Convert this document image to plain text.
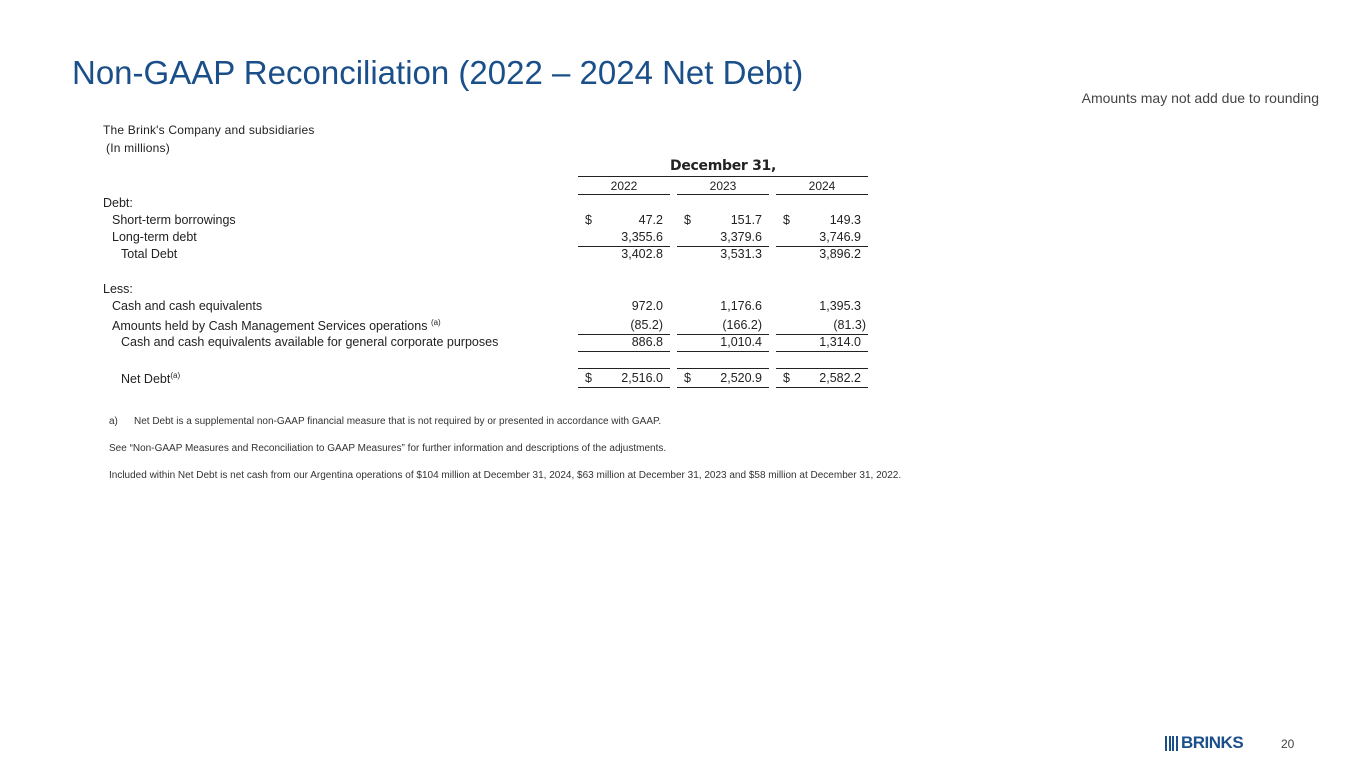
Non-GAAP Reconciliation (2022 – 2024 Net Debt)
Amounts may not add due to rounding
The Brink's Company and subsidiaries
(In millions)
December 31,
2022	2023	2024
Debt:
Short-term borrowings	$	47.2 $	151.7 $	149.3
Long-term debt	3,355.6	3,379.6	3,746.9
Total Debt	3,402.8	3,531.3	3,896.2
Less:
Cash and cash equivalents	972.0	1,176.6	1,395.3
Amounts held by Cash Management Services operations $^{(a)}$	(85.2)	(166.2)	(81.3)
Cash and cash equivalents available for general corporate purposes	886.8	1,010.4	1,314.0
Net Debt$^{(a)}$	$ 2,516.0 $ 2,520.9 $ 2,582.2
a) Net Debt is a supplemental non-GAAP financial measure that is not required by or presented in accordance with GAAP.
See “Non-GAAP Measures and Reconciliation to GAAP Measures” for further information and descriptions of the adjustments.
Included within Net Debt is net cash from our Argentina operations of $104 million at December 31, 2024, $63 million at December 31, 2023 and $58 million at December 31, 2022.
BRINKS	20
